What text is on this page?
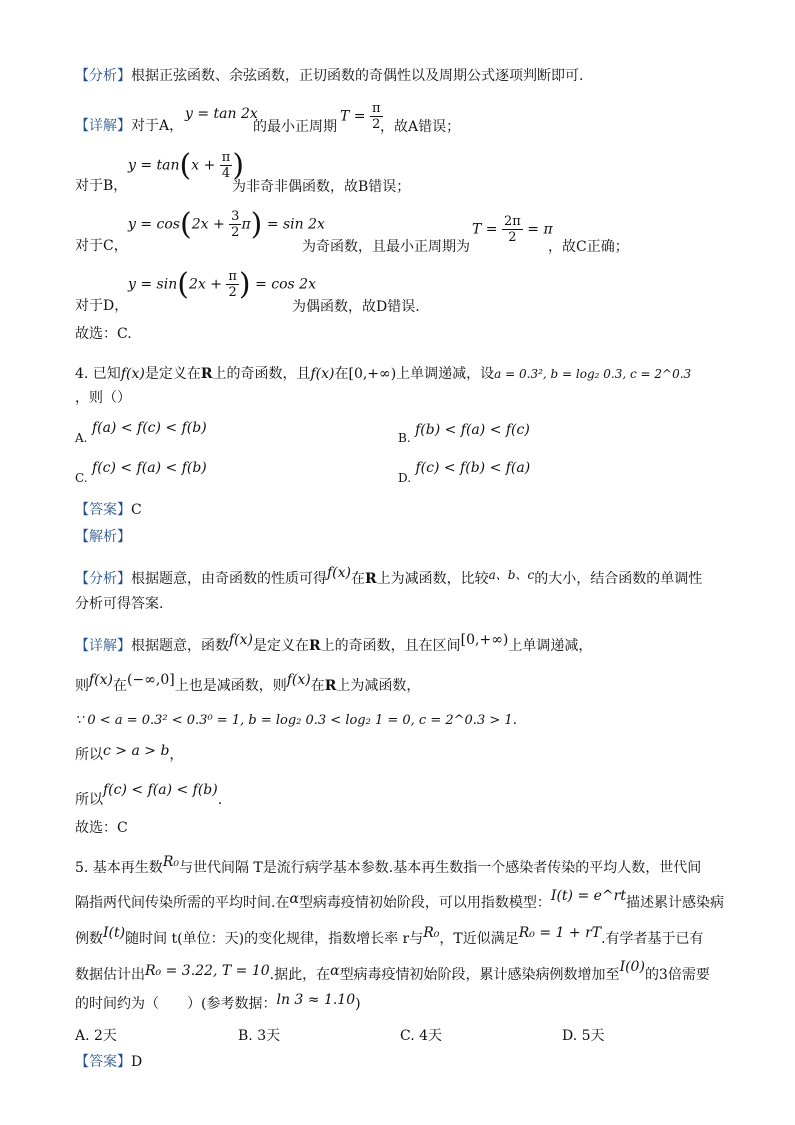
【分析】根据正弦函数、余弦函数，正切函数的奇偶性以及周期公式逐项判断即可.
【详解】对于A，
y = tan 2x
的最小正周期
$T = \frac{\pi}{2}$
，故A错误；
$y = \tan(x + \frac{\pi}{4}$ )
对于B，	为非奇非偶函数，故B错误；
$y = \cos(2x + \frac{3}{2} \pi) = \sin 2x$
对于C，	为奇函数，且最小正周期为
$T = \frac{2\pi}{2} = \pi$
，故C正确；
$y = \sin(2x + \frac{\pi}{2}$ ) = cos 2x
对于D，	为偶函数，故D错误.
故选：C.
4. 已知f(x)是定义在R上的奇函数，且f(x)在[0,+∞)上单调递减，设a = 0.3², b = log₂ 0.3, c = 2^0.3
，则（）
A. f(a) < f(c) < f(b)
B. f(b) < f(a) < f(c)
C. f(c) < f(a) < f(b)
D. f(c) < f(b) < f(a)
【答案】C
【解析】
【分析】根据题意，由奇函数的性质可得f(x)在R上为减函数，比较a、b、c的大小，结合函数的单调性
分析可得答案.
【详解】根据题意，函数f(x)是定义在R上的奇函数，且在区间[0,+∞)上单调递减，
则f(x)在(−∞,0]上也是减函数，则f(x)在R上为减函数，
∵ 0 < a = 0.3² < 0.3⁰ = 1, b = log₂ 0.3 < log₂ 1 = 0, c = 2^0.3 > 1.
所以c > a > b，
所以f(c) < f(a) < f(b).
故选：C
5. 基本再生数R₀与世代间隔 T是流行病学基本参数.基本再生数指一个感染者传染的平均人数，世代间
隔指两代间传染所需的平均时间.在α型病毒疫情初始阶段，可以用指数模型：I(t) = e^rt描述累计感染病
例数I(t)随时间 t(单位：天)的变化规律，指数增长率 r与R₀，T近似满足R₀ = 1 + rT.有学者基于已有
数据估计出R₀ = 3.22, T = 10.据此，在α型病毒疫情初始阶段，累计感染病例数增加至I(0)的3倍需要
的时间约为（　　）(参考数据：ln 3 ≈ 1.10)
A. 2天	B. 3天	C. 4天	D. 5天
【答案】D
